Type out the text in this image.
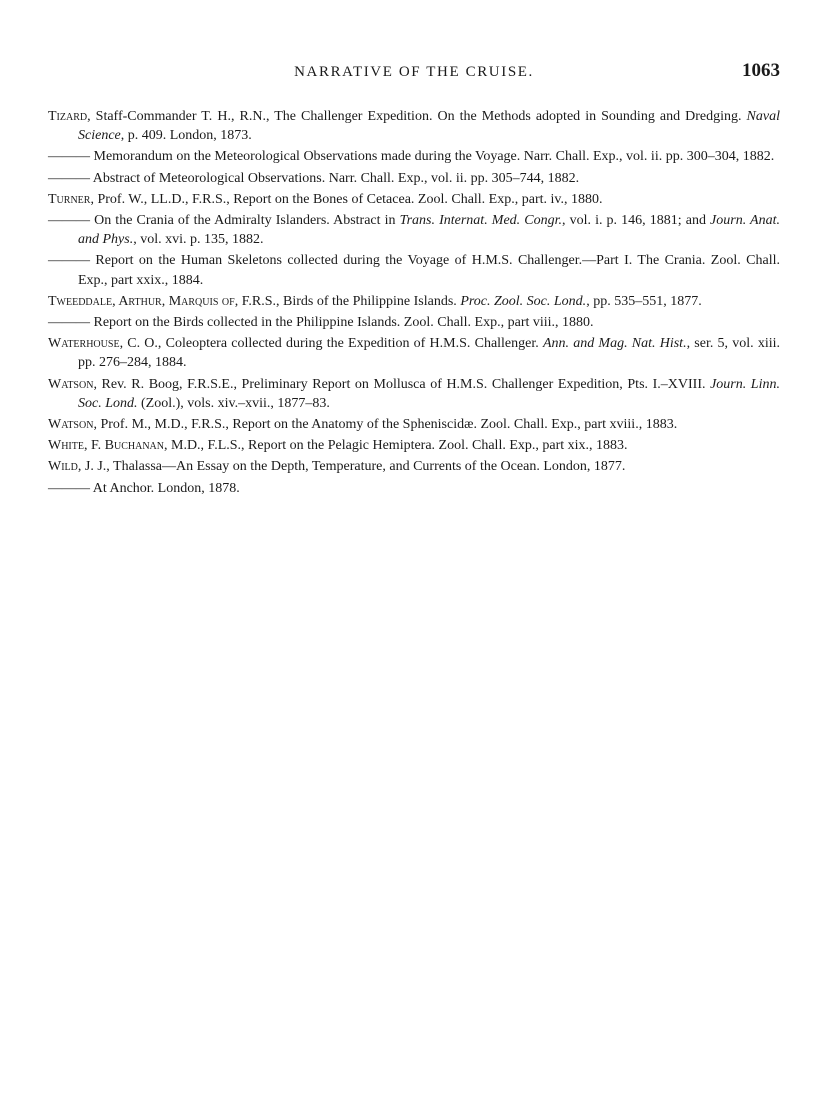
NARRATIVE OF THE CRUISE.	1063

Tizard, Staff-Commander T. H., R.N., The Challenger Expedition. On the Methods adopted in Sounding and Dredging. Naval Science, p. 409. London, 1873.

——— Memorandum on the Meteorological Observations made during the Voyage. Narr. Chall. Exp., vol. ii. pp. 300–304, 1882.

——— Abstract of Meteorological Observations. Narr. Chall. Exp., vol. ii. pp. 305–744, 1882.

Turner, Prof. W., LL.D., F.R.S., Report on the Bones of Cetacea. Zool. Chall. Exp., part. iv., 1880.

——— On the Crania of the Admiralty Islanders. Abstract in Trans. Internat. Med. Congr., vol. i. p. 146, 1881; and Journ. Anat. and Phys., vol. xvi. p. 135, 1882.

——— Report on the Human Skeletons collected during the Voyage of H.M.S. Challenger.—Part I. The Crania. Zool. Chall. Exp., part xxix., 1884.

Tweeddale, Arthur, Marquis of, F.R.S., Birds of the Philippine Islands. Proc. Zool. Soc. Lond., pp. 535–551, 1877.

——— Report on the Birds collected in the Philippine Islands. Zool. Chall. Exp., part viii., 1880.

Waterhouse, C. O., Coleoptera collected during the Expedition of H.M.S. Challenger. Ann. and Mag. Nat. Hist., ser. 5, vol. xiii. pp. 276–284, 1884.

Watson, Rev. R. Boog, F.R.S.E., Preliminary Report on Mollusca of H.M.S. Challenger Expedition, Pts. I.–XVIII. Journ. Linn. Soc. Lond. (Zool.), vols. xiv.–xvii., 1877–83.

Watson, Prof. M., M.D., F.R.S., Report on the Anatomy of the Spheniscidæ. Zool. Chall. Exp., part xviii., 1883.

White, F. Buchanan, M.D., F.L.S., Report on the Pelagic Hemiptera. Zool. Chall. Exp., part xix., 1883.

Wild, J. J., Thalassa—An Essay on the Depth, Temperature, and Currents of the Ocean. London, 1877.

——— At Anchor. London, 1878.
